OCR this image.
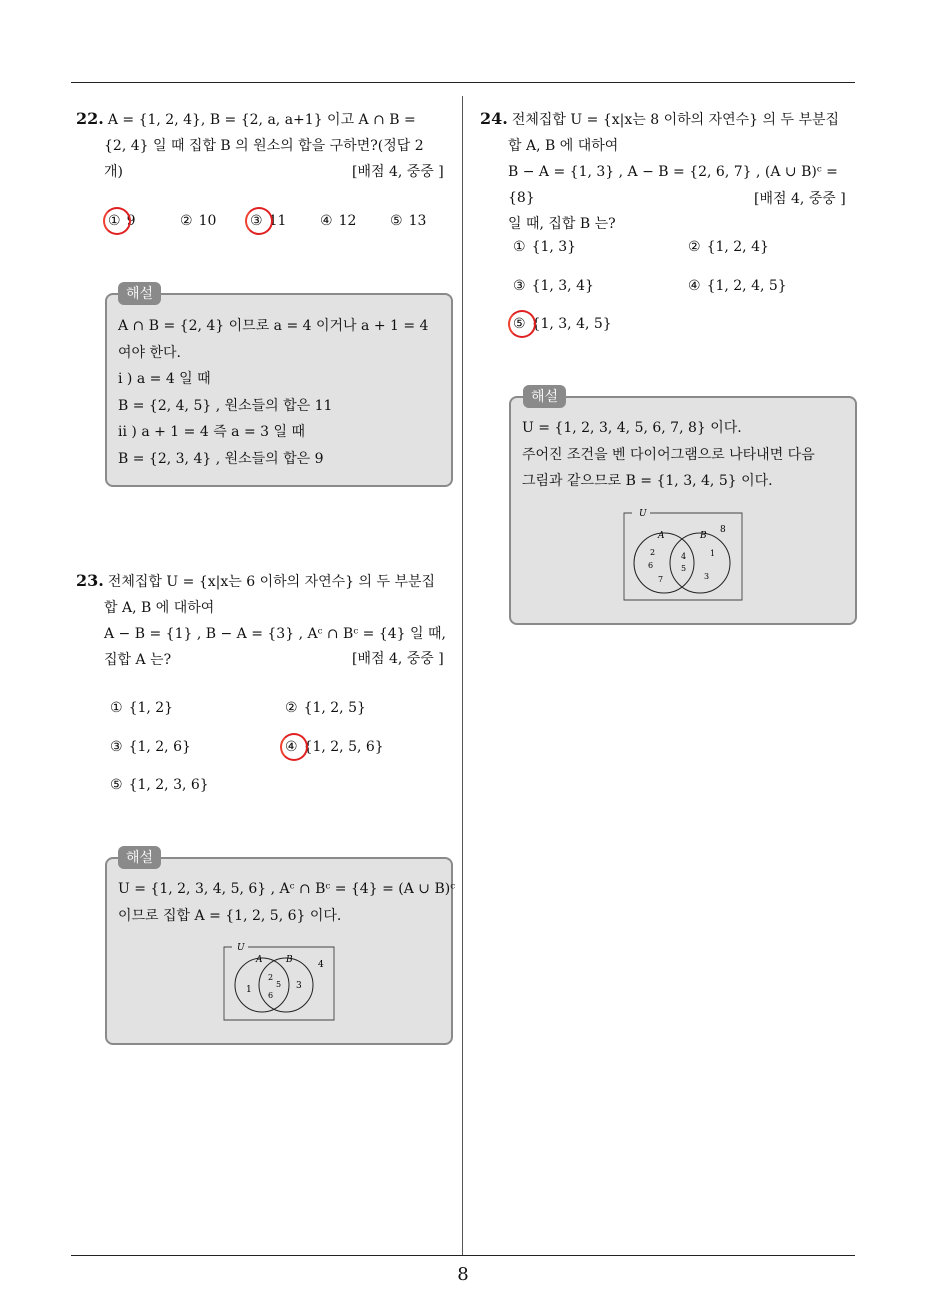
8
22. A = {1, 2, 4}, B = {2, a, a+1} 이고 A ∩ B =
{2, 4} 일 때 집합 B 의 원소의 합을 구하면?(정답 2
개)	[배점 4, 중중 ]
① 9	② 10 ③ 11 ④ 12 ⑤ 13
해설
A ∩ B = {2, 4} 이므로 a = 4 이거나 a + 1 = 4
여야 한다.
i ) a = 4 일 때
B = {2, 4, 5} , 원소들의 합은 11
ii ) a + 1 = 4 즉 a = 3 일 때
B = {2, 3, 4} , 원소들의 합은 9
23. 전체집합 U = {x|x는 6 이하의 자연수} 의 두 부분집
합 A, B 에 대하여
A − B = {1} , B − A = {3} , Aᶜ ∩ Bᶜ = {4} 일 때,
집합 A 는?	[배점 4, 중중 ]
① {1, 2}	② {1, 2, 5}
③ {1, 2, 6}	④ {1, 2, 5, 6}
⑤ {1, 2, 3, 6}
해설
U = {1, 2, 3, 4, 5, 6} , Aᶜ ∩ Bᶜ = {4} = (A ∪ B)ᶜ
이므로 집합 A = {1, 2, 5, 6} 이다.
U
A	B	4
1
2
5
6
3
24. 전체집합 U = {x|x는 8 이하의 자연수} 의 두 부분집
합 A, B 에 대하여
B − A = {1, 3} , A − B = {2, 6, 7} , (A ∪ B)ᶜ = {8}
일 때, 집합 B 는?
[배점 4, 중중 ]
① {1, 3}	② {1, 2, 4}
③ {1, 3, 4}	④ {1, 2, 4, 5}
⑤ {1, 3, 4, 5}
해설
U = {1, 2, 3, 4, 5, 6, 7, 8} 이다.
주어진 조건을 벤 다이어그램으로 나타내면 다음
그림과 같으므로 B = {1, 3, 4, 5} 이다.
U
A	B
8
2
6
7
4
5
1
3
